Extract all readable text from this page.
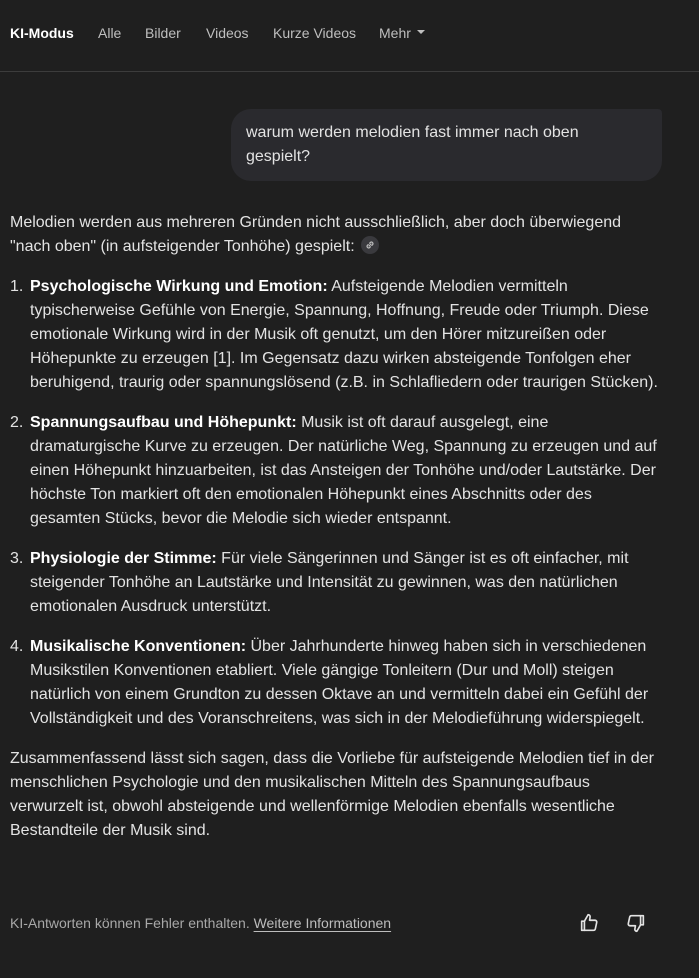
KI-Modus Alle Bilder Videos Kurze Videos Mehr
warum werden melodien fast immer nach oben gespielt?

Melodien werden aus mehreren Gründen nicht ausschließlich, aber doch überwiegend "nach oben" (in aufsteigender Tonhöhe) gespielt:

1. Psychologische Wirkung und Emotion: Aufsteigende Melodien vermitteln typischerweise Gefühle von Energie, Spannung, Hoffnung, Freude oder Triumph. Diese emotionale Wirkung wird in der Musik oft genutzt, um den Hörer mitzureißen oder Höhepunkte zu erzeugen [1]. Im Gegensatz dazu wirken absteigende Tonfolgen eher beruhigend, traurig oder spannungslösend (z.B. in Schlafliedern oder traurigen Stücken).
2. Spannungsaufbau und Höhepunkt: Musik ist oft darauf ausgelegt, eine dramaturgische Kurve zu erzeugen. Der natürliche Weg, Spannung zu erzeugen und auf einen Höhepunkt hinzuarbeiten, ist das Ansteigen der Tonhöhe und/oder Lautstärke. Der höchste Ton markiert oft den emotionalen Höhepunkt eines Abschnitts oder des gesamten Stücks, bevor die Melodie sich wieder entspannt.
3. Physiologie der Stimme: Für viele Sängerinnen und Sänger ist es oft einfacher, mit steigender Tonhöhe an Lautstärke und Intensität zu gewinnen, was den natürlichen emotionalen Ausdruck unterstützt.
4. Musikalische Konventionen: Über Jahrhunderte hinweg haben sich in verschiedenen Musikstilen Konventionen etabliert. Viele gängige Tonleitern (Dur und Moll) steigen natürlich von einem Grundton zu dessen Oktave an und vermitteln dabei ein Gefühl der Vollständigkeit und des Voranschreitens, was sich in der Melodieführung widerspiegelt.

Zusammenfassend lässt sich sagen, dass die Vorliebe für aufsteigende Melodien tief in der menschlichen Psychologie und den musikalischen Mitteln des Spannungsaufbaus verwurzelt ist, obwohl absteigende und wellenförmige Melodien ebenfalls wesentliche Bestandteile der Musik sind.

KI-Antworten können Fehler enthalten. Weitere Informationen
